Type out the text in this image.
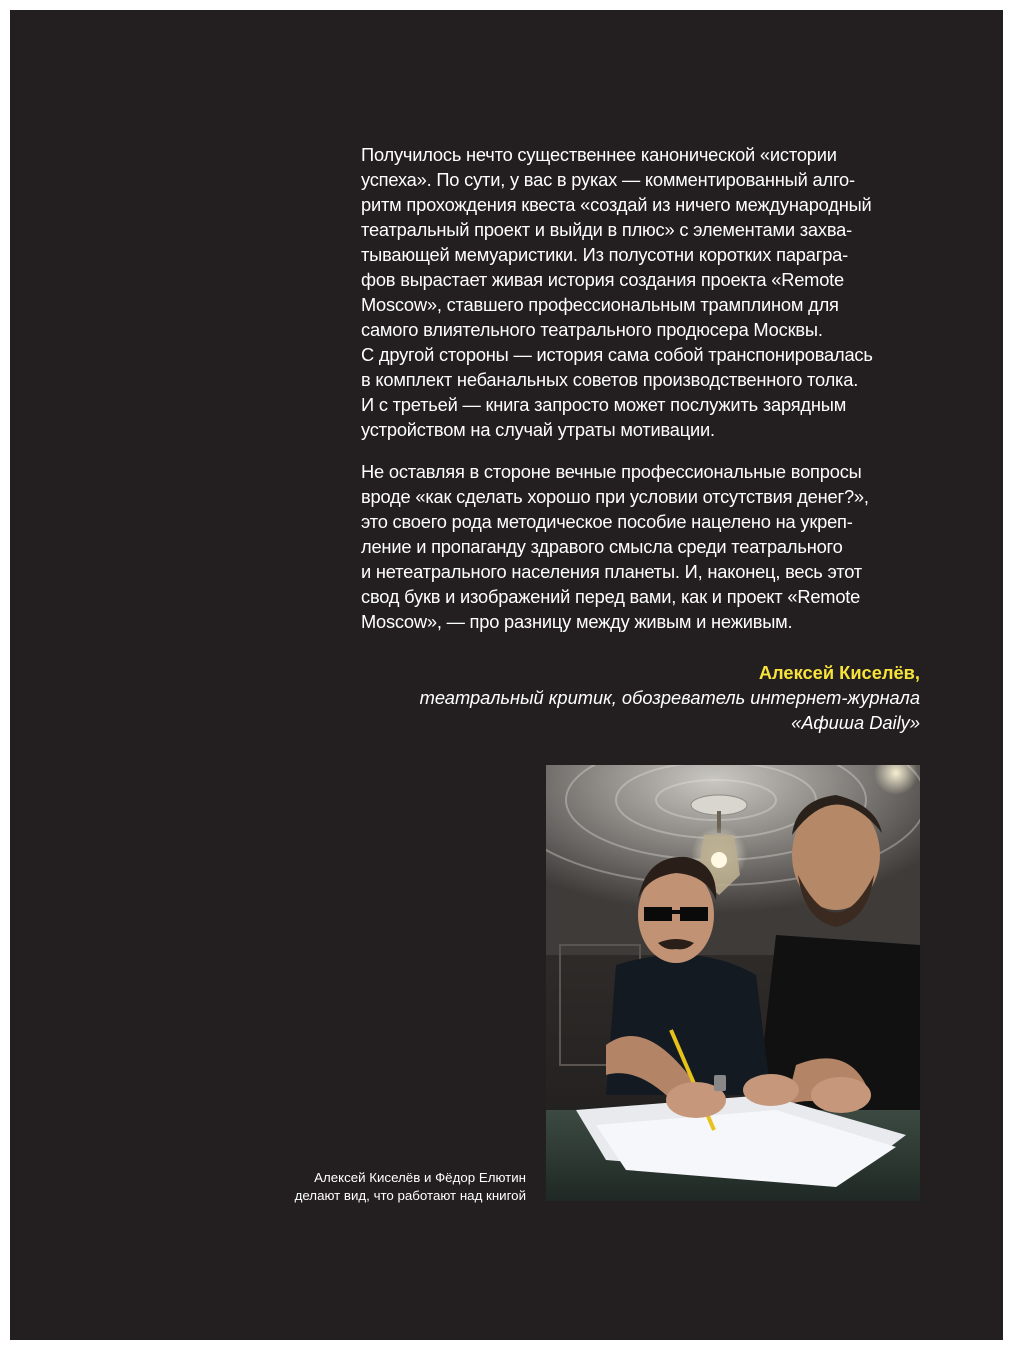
Получилось нечто существеннее канонической «истории
успеха». По сути, у вас в руках — комментированный алго-
ритм прохождения квеста «создай из ничего международный
театральный проект и выйди в плюс» с элементами захва-
тывающей мемуаристики. Из полусотни коротких парагра-
фов вырастает живая история создания проекта «Remote
Moscow», ставшего профессиональным трамплином для
самого влиятельного театрального продюсера Москвы.
С другой стороны — история сама собой транспонировалась
в комплект небанальных советов производственного толка.
И с третьей — книга запросто может послужить зарядным
устройством на случай утраты мотивации.

Не оставляя в стороне вечные профессиональные вопросы
вроде «как сделать хорошо при условии отсутствия денег?»,
это своего рода методическое пособие нацелено на укреп-
ление и пропаганду здравого смысла среди театрального
и нетеатрального населения планеты. И, наконец, весь этот
свод букв и изображений перед вами, как и проект «Remote
Moscow», — про разницу между живым и неживым.

Алексей Киселёв,
театральный критик, обозреватель интернет-журнала
«Афиша Daily»
Алексей Киселёв и Фёдор Елютин
делают вид, что работают над книгой
